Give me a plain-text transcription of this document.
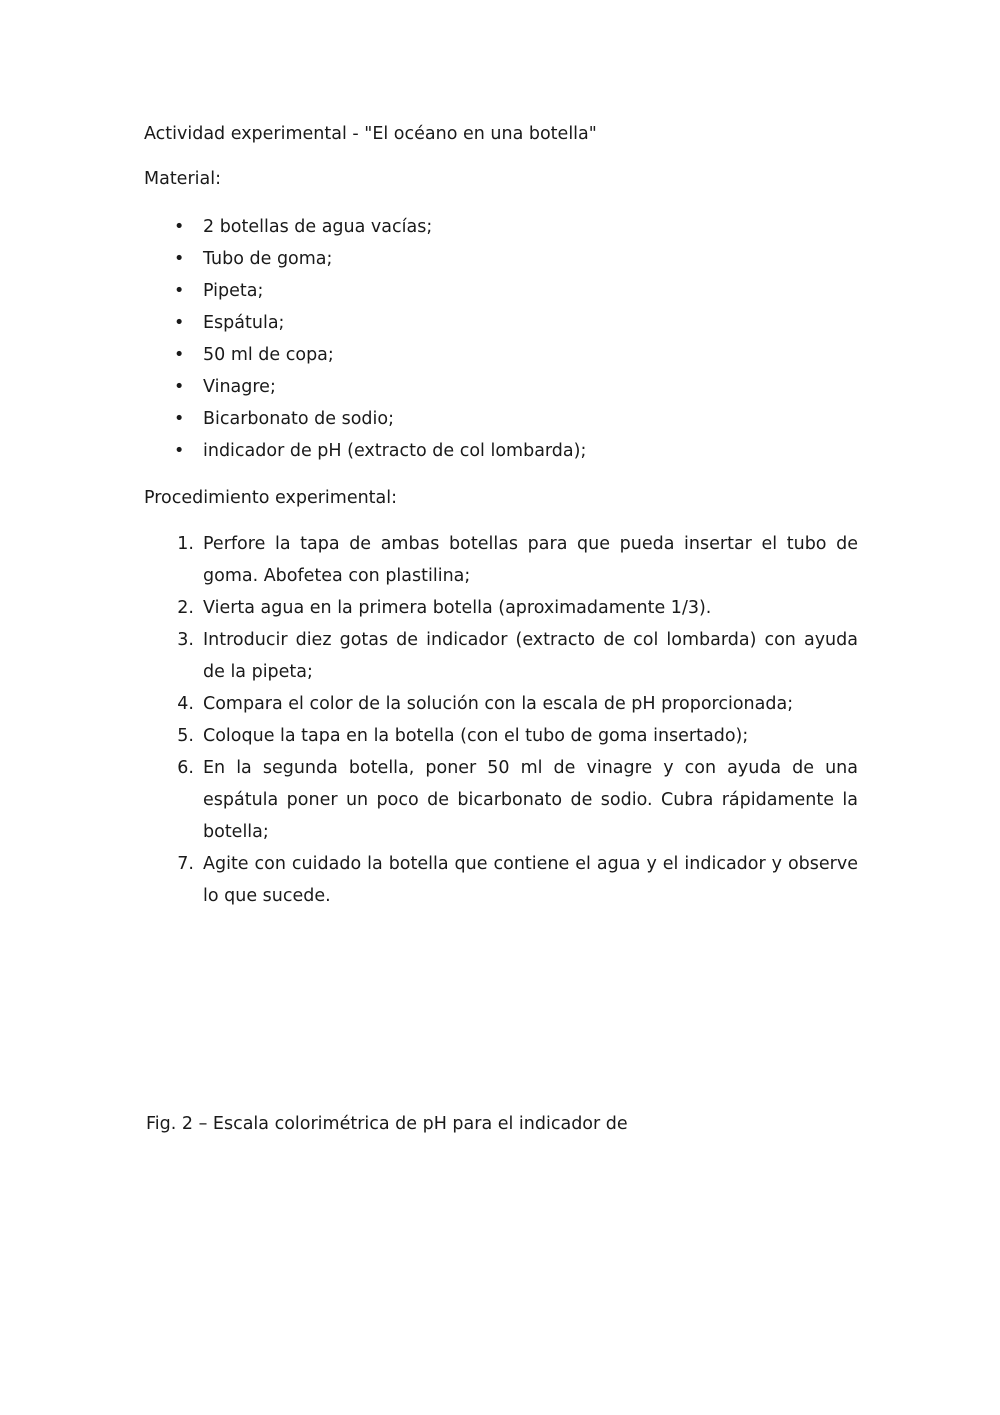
Actividad experimental - "El océano en una botella"

Material:

• 2 botellas de agua vacías;
• Tubo de goma;
• Pipeta;
• Espátula;
• 50 ml de copa;
• Vinagre;
• Bicarbonato de sodio;
• indicador de pH (extracto de col lombarda);

Procedimiento experimental:

Perfore la tapa de ambas botellas para que pueda insertar el tubo de goma. Abofetea con plastilina;
Vierta agua en la primera botella (aproximadamente 1/3).
Introducir diez gotas de indicador (extracto de col lombarda) con ayuda de la pipeta;
Compara el color de la solución con la escala de pH proporcionada;
Coloque la tapa en la botella (con el tubo de goma insertado);
En la segunda botella, poner 50 ml de vinagre y con ayuda de una espátula poner un poco de bicarbonato de sodio. Cubra rápidamente la botella;
Agite con cuidado la botella que contiene el agua y el indicador y observe lo que sucede.
Fig. 2 – Escala colorimétrica de pH para el indicador de
